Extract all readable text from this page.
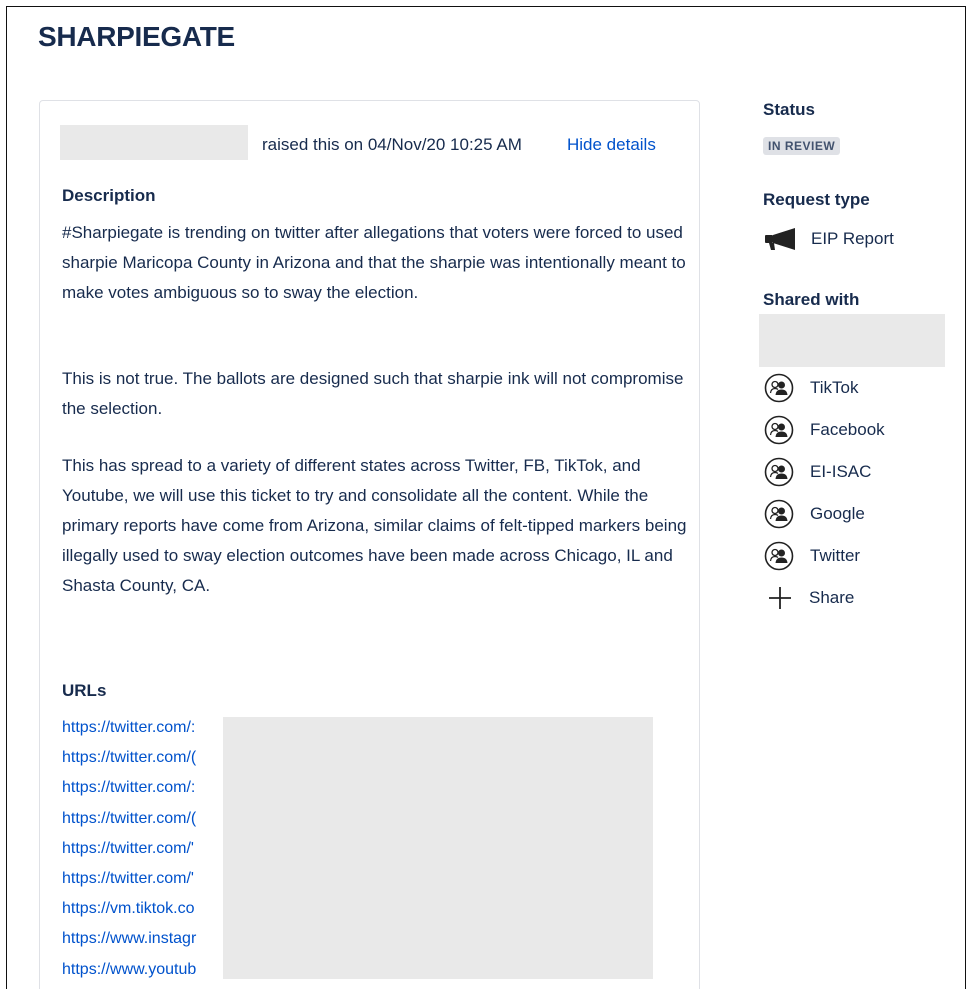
SHARPIEGATE
raised this on 04/Nov/20 10:25 AM	Hide details
Description

#Sharpiegate is trending on twitter after allegations that voters were forced to used sharpie Maricopa County in Arizona and that the sharpie was intentionally meant to make votes ambiguous so to sway the election.

This is not true. The ballots are designed such that sharpie ink will not compromise the selection.

This has spread to a variety of different states across Twitter, FB, TikTok, and Youtube, we will use this ticket to try and consolidate all the content. While the primary reports have come from Arizona, similar claims of felt-tipped markers being illegally used to sway election outcomes have been made across Chicago, IL and Shasta County, CA.

URLs
https://twitter.com/:
https://twitter.com/(
https://twitter.com/:
https://twitter.com/(
https://twitter.com/'
https://twitter.com/'
https://vm.tiktok.co
https://www.instagr
https://www.youtub
Status
IN REVIEW
Request type
EIP Report
Shared with
TikTok
Facebook
EI-ISAC
Google
Twitter
Share
